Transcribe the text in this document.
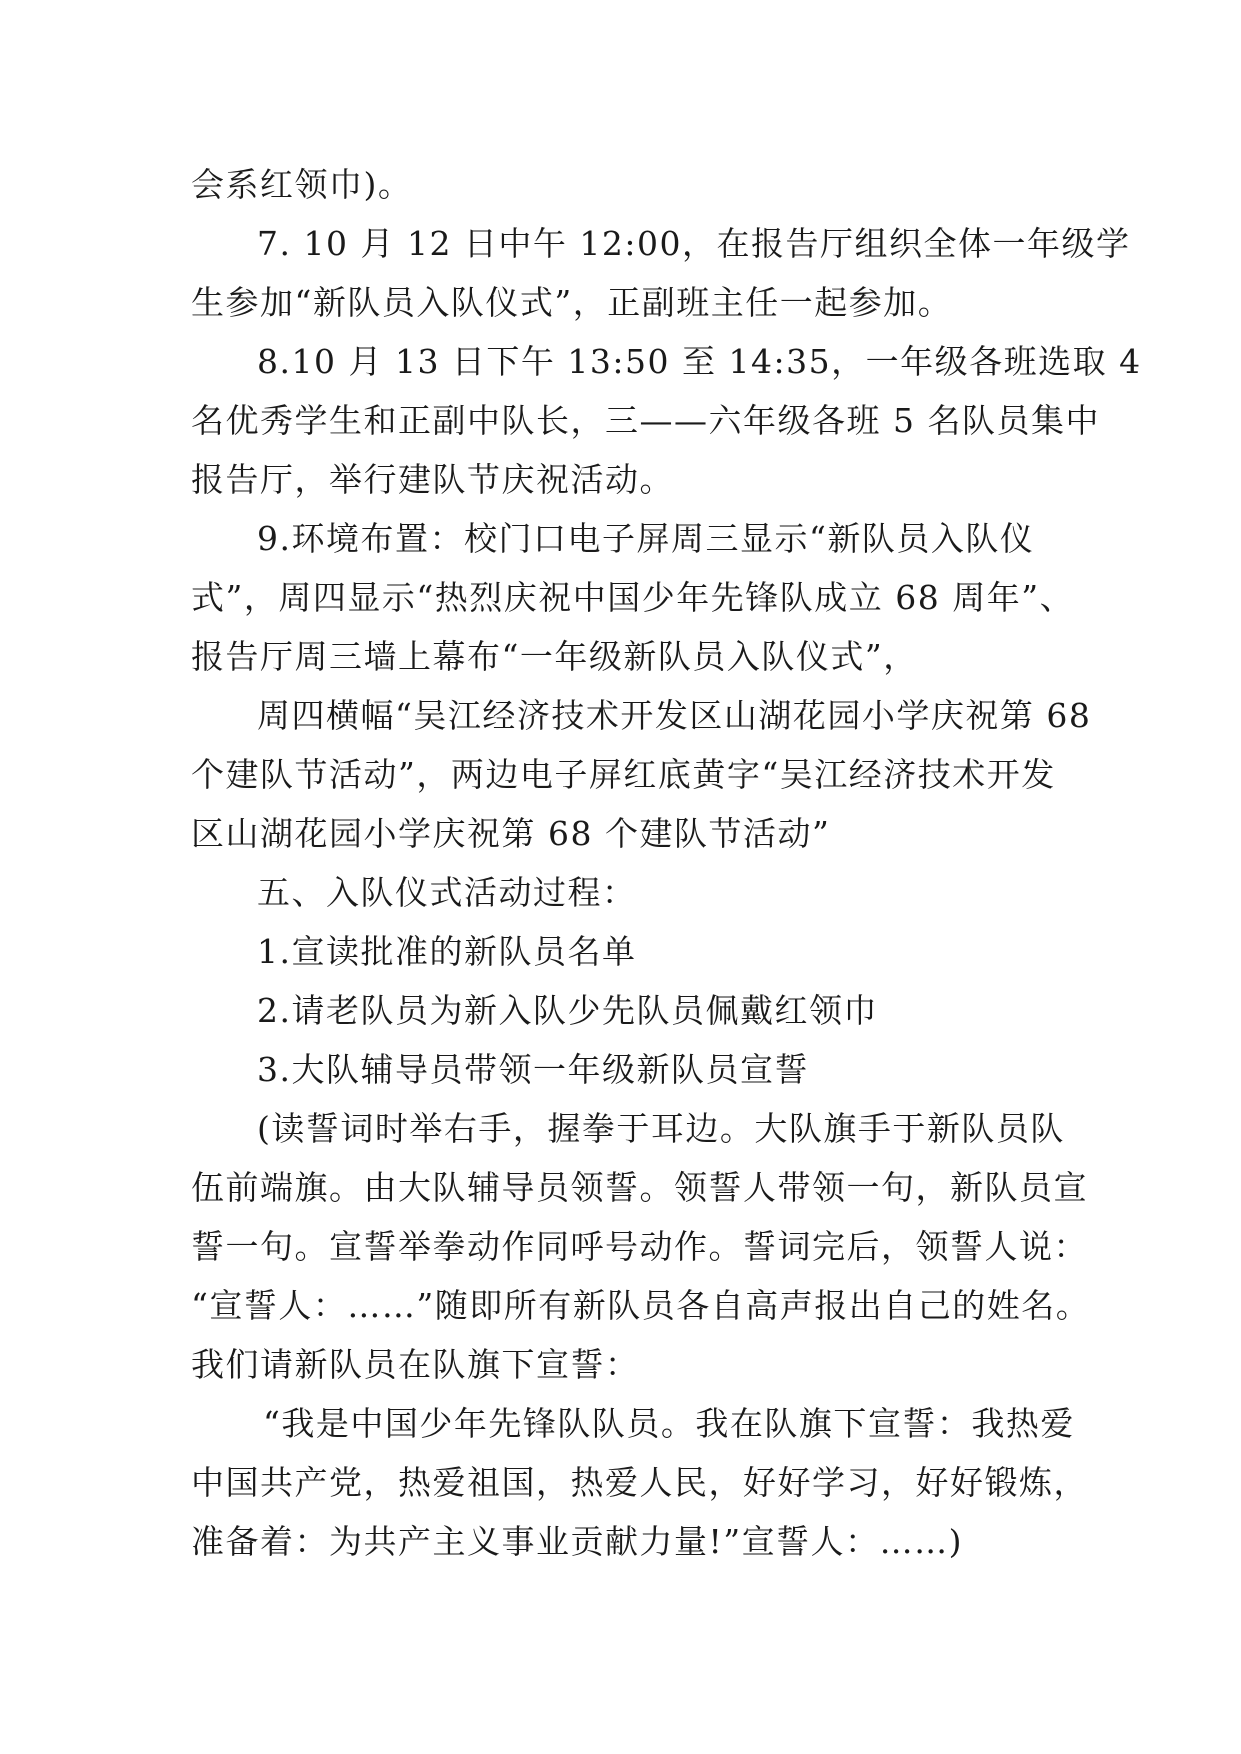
会系红领巾)。
7. 10 月 12 日中午 12:00，在报告厅组织全体一年级学
生参加“新队员入队仪式”，正副班主任一起参加。
8.10 月 13 日下午 13:50 至 14:35，一年级各班选取 4
名优秀学生和正副中队长，三——六年级各班 5 名队员集中
报告厅，举行建队节庆祝活动。
9.环境布置：校门口电子屏周三显示“新队员入队仪
式”，周四显示“热烈庆祝中国少年先锋队成立 68 周年”、
报告厅周三墙上幕布“一年级新队员入队仪式”，
周四横幅“吴江经济技术开发区山湖花园小学庆祝第 68
个建队节活动”，两边电子屏红底黄字“吴江经济技术开发
区山湖花园小学庆祝第 68 个建队节活动”
五、入队仪式活动过程：
1.宣读批准的新队员名单
2.请老队员为新入队少先队员佩戴红领巾
3.大队辅导员带领一年级新队员宣誓
(读誓词时举右手，握拳于耳边。大队旗手于新队员队
伍前端旗。由大队辅导员领誓。领誓人带领一句，新队员宣
誓一句。宣誓举拳动作同呼号动作。誓词完后，领誓人说：
“宣誓人：……”随即所有新队员各自高声报出自己的姓名。
我们请新队员在队旗下宣誓：
“我是中国少年先锋队队员。我在队旗下宣誓：我热爱
中国共产党，热爱祖国，热爱人民，好好学习，好好锻炼，
准备着：为共产主义事业贡献力量!”宣誓人：……)
